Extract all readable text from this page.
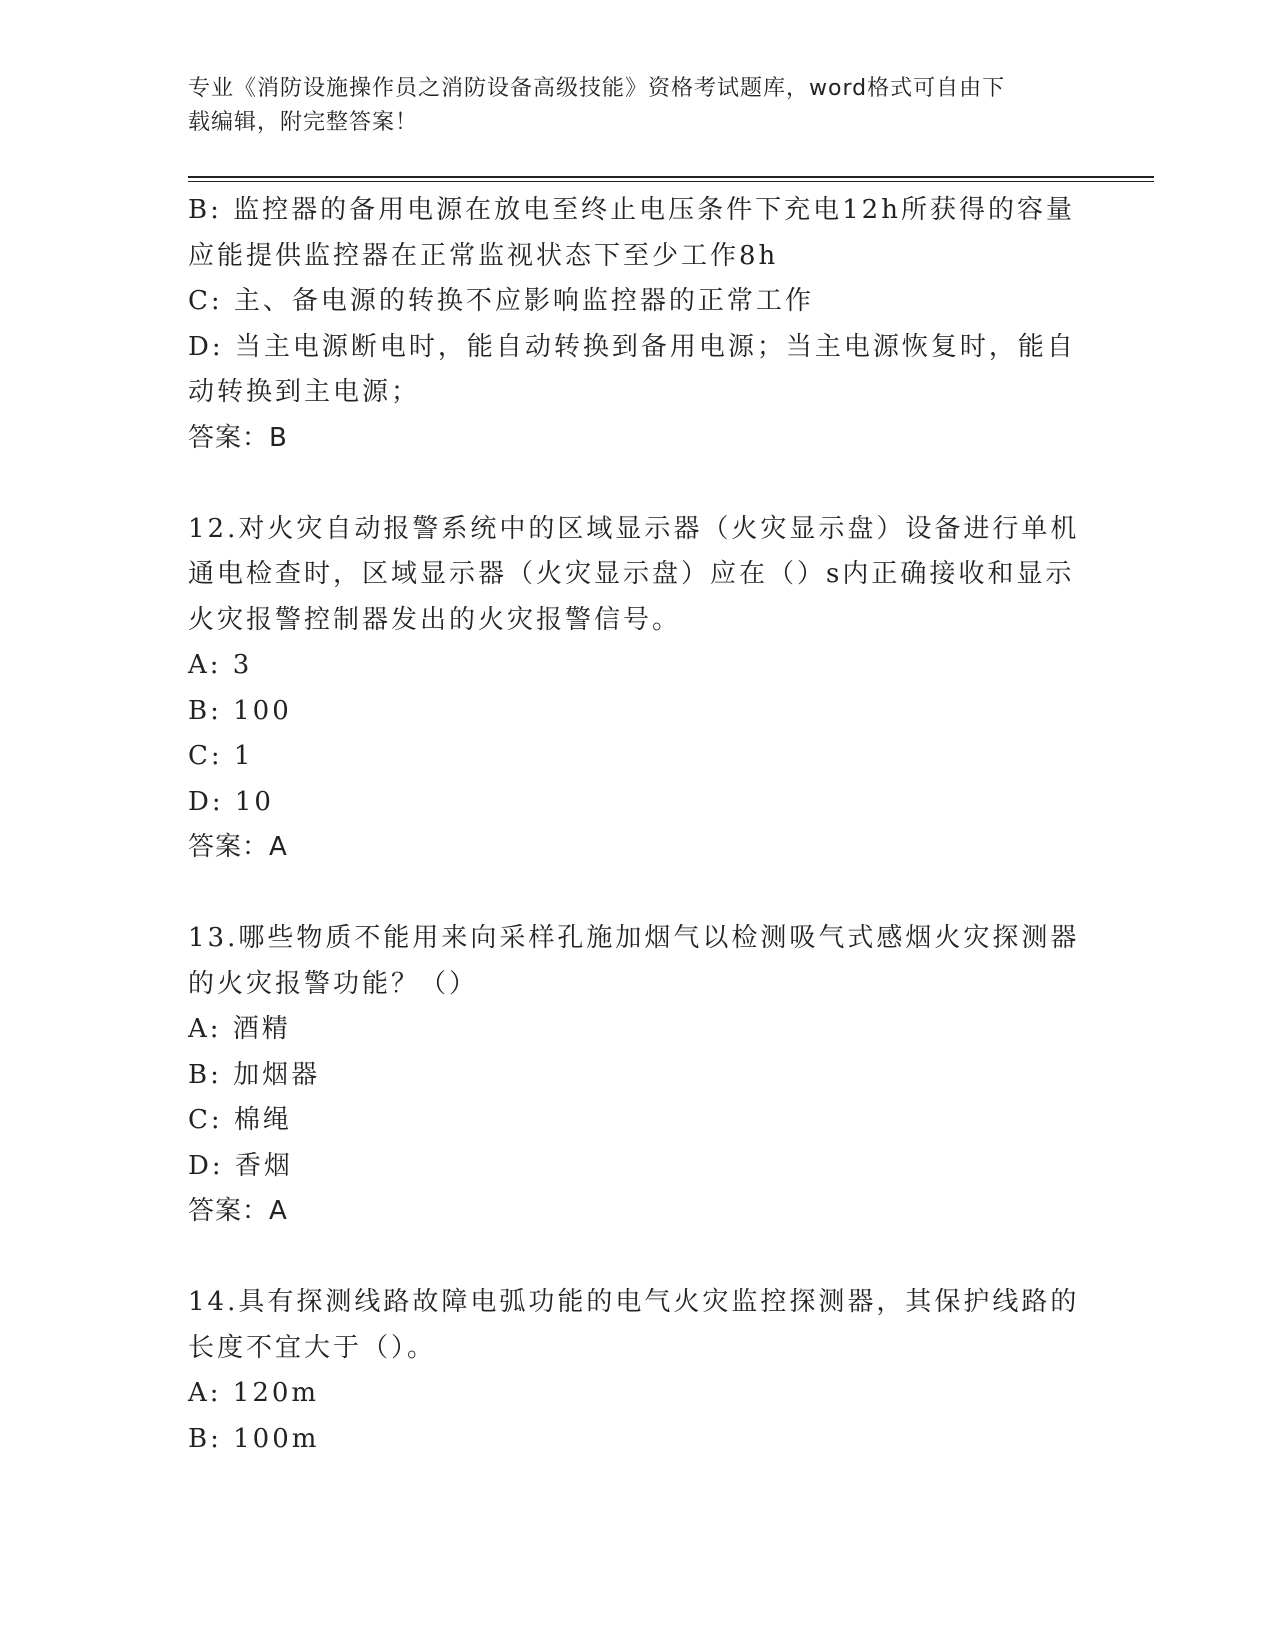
专业《消防设施操作员之消防设备高级技能》资格考试题库，word格式可自由下
载编辑，附完整答案！
B: 监控器的备用电源在放电至终止电压条件下充电12h所获得的容量
应能提供监控器在正常监视状态下至少工作8h
C: 主、备电源的转换不应影响监控器的正常工作
D: 当主电源断电时，能自动转换到备用电源；当主电源恢复时，能自
动转换到主电源；
答案：B
12.对火灾自动报警系统中的区域显示器（火灾显示盘）设备进行单机
通电检查时，区域显示器（火灾显示盘）应在（）s内正确接收和显示
火灾报警控制器发出的火灾报警信号。
A: 3
B: 100
C: 1
D: 10
答案：A
13.哪些物质不能用来向采样孔施加烟气以检测吸气式感烟火灾探测器
的火灾报警功能？（）
A: 酒精
B: 加烟器
C: 棉绳
D: 香烟
答案：A
14.具有探测线路故障电弧功能的电气火灾监控探测器，其保护线路的
长度不宜大于（）。
A: 120m
B: 100m
